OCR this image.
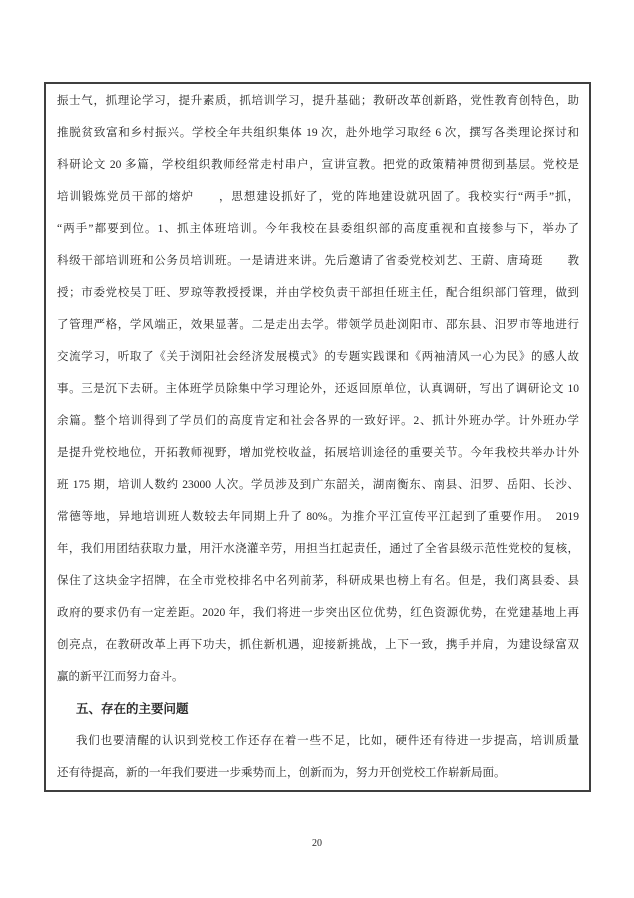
振士气，抓理论学习，提升素质，抓培训学习，提升基础；教研改革创新路，党性教育创特色，助
推脱贫致富和乡村振兴。学校全年共组织集体 19 次，赴外地学习取经 6 次，撰写各类理论探讨和
科研论文 20 多篇，学校组织教师经常走村串户，宣讲宣教。把党的政策精神贯彻到基层。党校是
培训锻炼党员干部的熔炉　　，思想建设抓好了，党的阵地建设就巩固了。我校实行“两手”抓，
“两手”都要到位。1、抓主体班培训。今年我校在县委组织部的高度重视和直接参与下，举办了
科级干部培训班和公务员培训班。一是请进来讲。先后邀请了省委党校刘艺、王蔚、唐琦珽　　教
授；市委党校吴丁旺、罗琼等教授授课，并由学校负责干部担任班主任，配合组织部门管理，做到
了管理严格，学风端正，效果显著。二是走出去学。带领学员赴浏阳市、邵东县、汨罗市等地进行
交流学习，听取了《关于浏阳社会经济发展模式》的专题实践课和《两袖清风一心为民》的感人故
事。三是沉下去研。主体班学员除集中学习理论外，还返回原单位，认真调研，写出了调研论文 10
余篇。整个培训得到了学员们的高度肯定和社会各界的一致好评。2、抓计外班办学。计外班办学
是提升党校地位，开拓教师视野，增加党校收益，拓展培训途径的重要关节。今年我校共举办计外
班 175 期，培训人数约 23000 人次。学员涉及到广东韶关，湖南衡东、南县、汨罗、岳阳、长沙、
常德等地，异地培训班人数较去年同期上升了 80%。为推介平江宣传平江起到了重要作用。　2019
年，我们用团结获取力量，用汗水浇灌辛劳，用担当扛起责任，通过了全省县级示范性党校的复核，
保住了这块金字招牌，在全市党校排名中名列前茅，科研成果也榜上有名。但是，我们离县委、县
政府的要求仍有一定差距。2020 年，我们将进一步突出区位优势，红色资源优势，在党建基地上再
创亮点，在教研改革上再下功夫，抓住新机遇，迎接新挑战，上下一致，携手并肩，为建设绿富双
赢的新平江而努力奋斗。
五、存在的主要问题
我们也要清醒的认识到党校工作还存在着一些不足，比如，硬件还有待进一步提高，培训质量
还有待提高，新的一年我们要进一步乘势而上，创新而为，努力开创党校工作崭新局面。
20
